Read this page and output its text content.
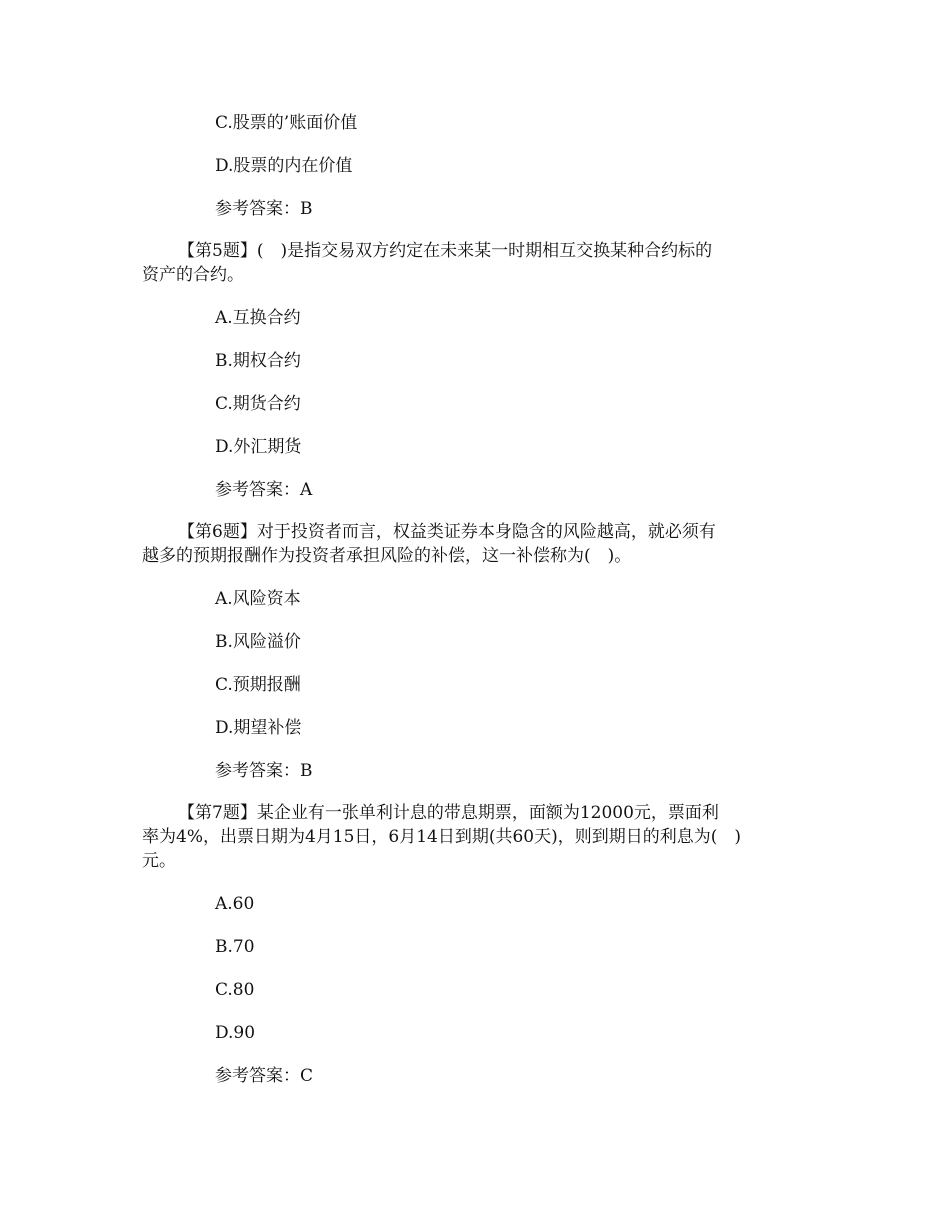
C.股票的’账面价值
D.股票的内在价值
参考答案：B
【第5题】(　)是指交易双方约定在未来某一时期相互交换某种合约标的
资产的合约。
A.互换合约
B.期权合约
C.期货合约
D.外汇期货
参考答案：A
【第6题】对于投资者而言，权益类证券本身隐含的风险越高，就必须有
越多的预期报酬作为投资者承担风险的补偿，这一补偿称为(　)。
A.风险资本
B.风险溢价
C.预期报酬
D.期望补偿
参考答案：B
【第7题】某企业有一张单利计息的带息期票，面额为12000元，票面利
率为4%，出票日期为4月15日，6月14日到期(共60天)，则到期日的利息为(　)
元。
A.60
B.70
C.80
D.90
参考答案：C
